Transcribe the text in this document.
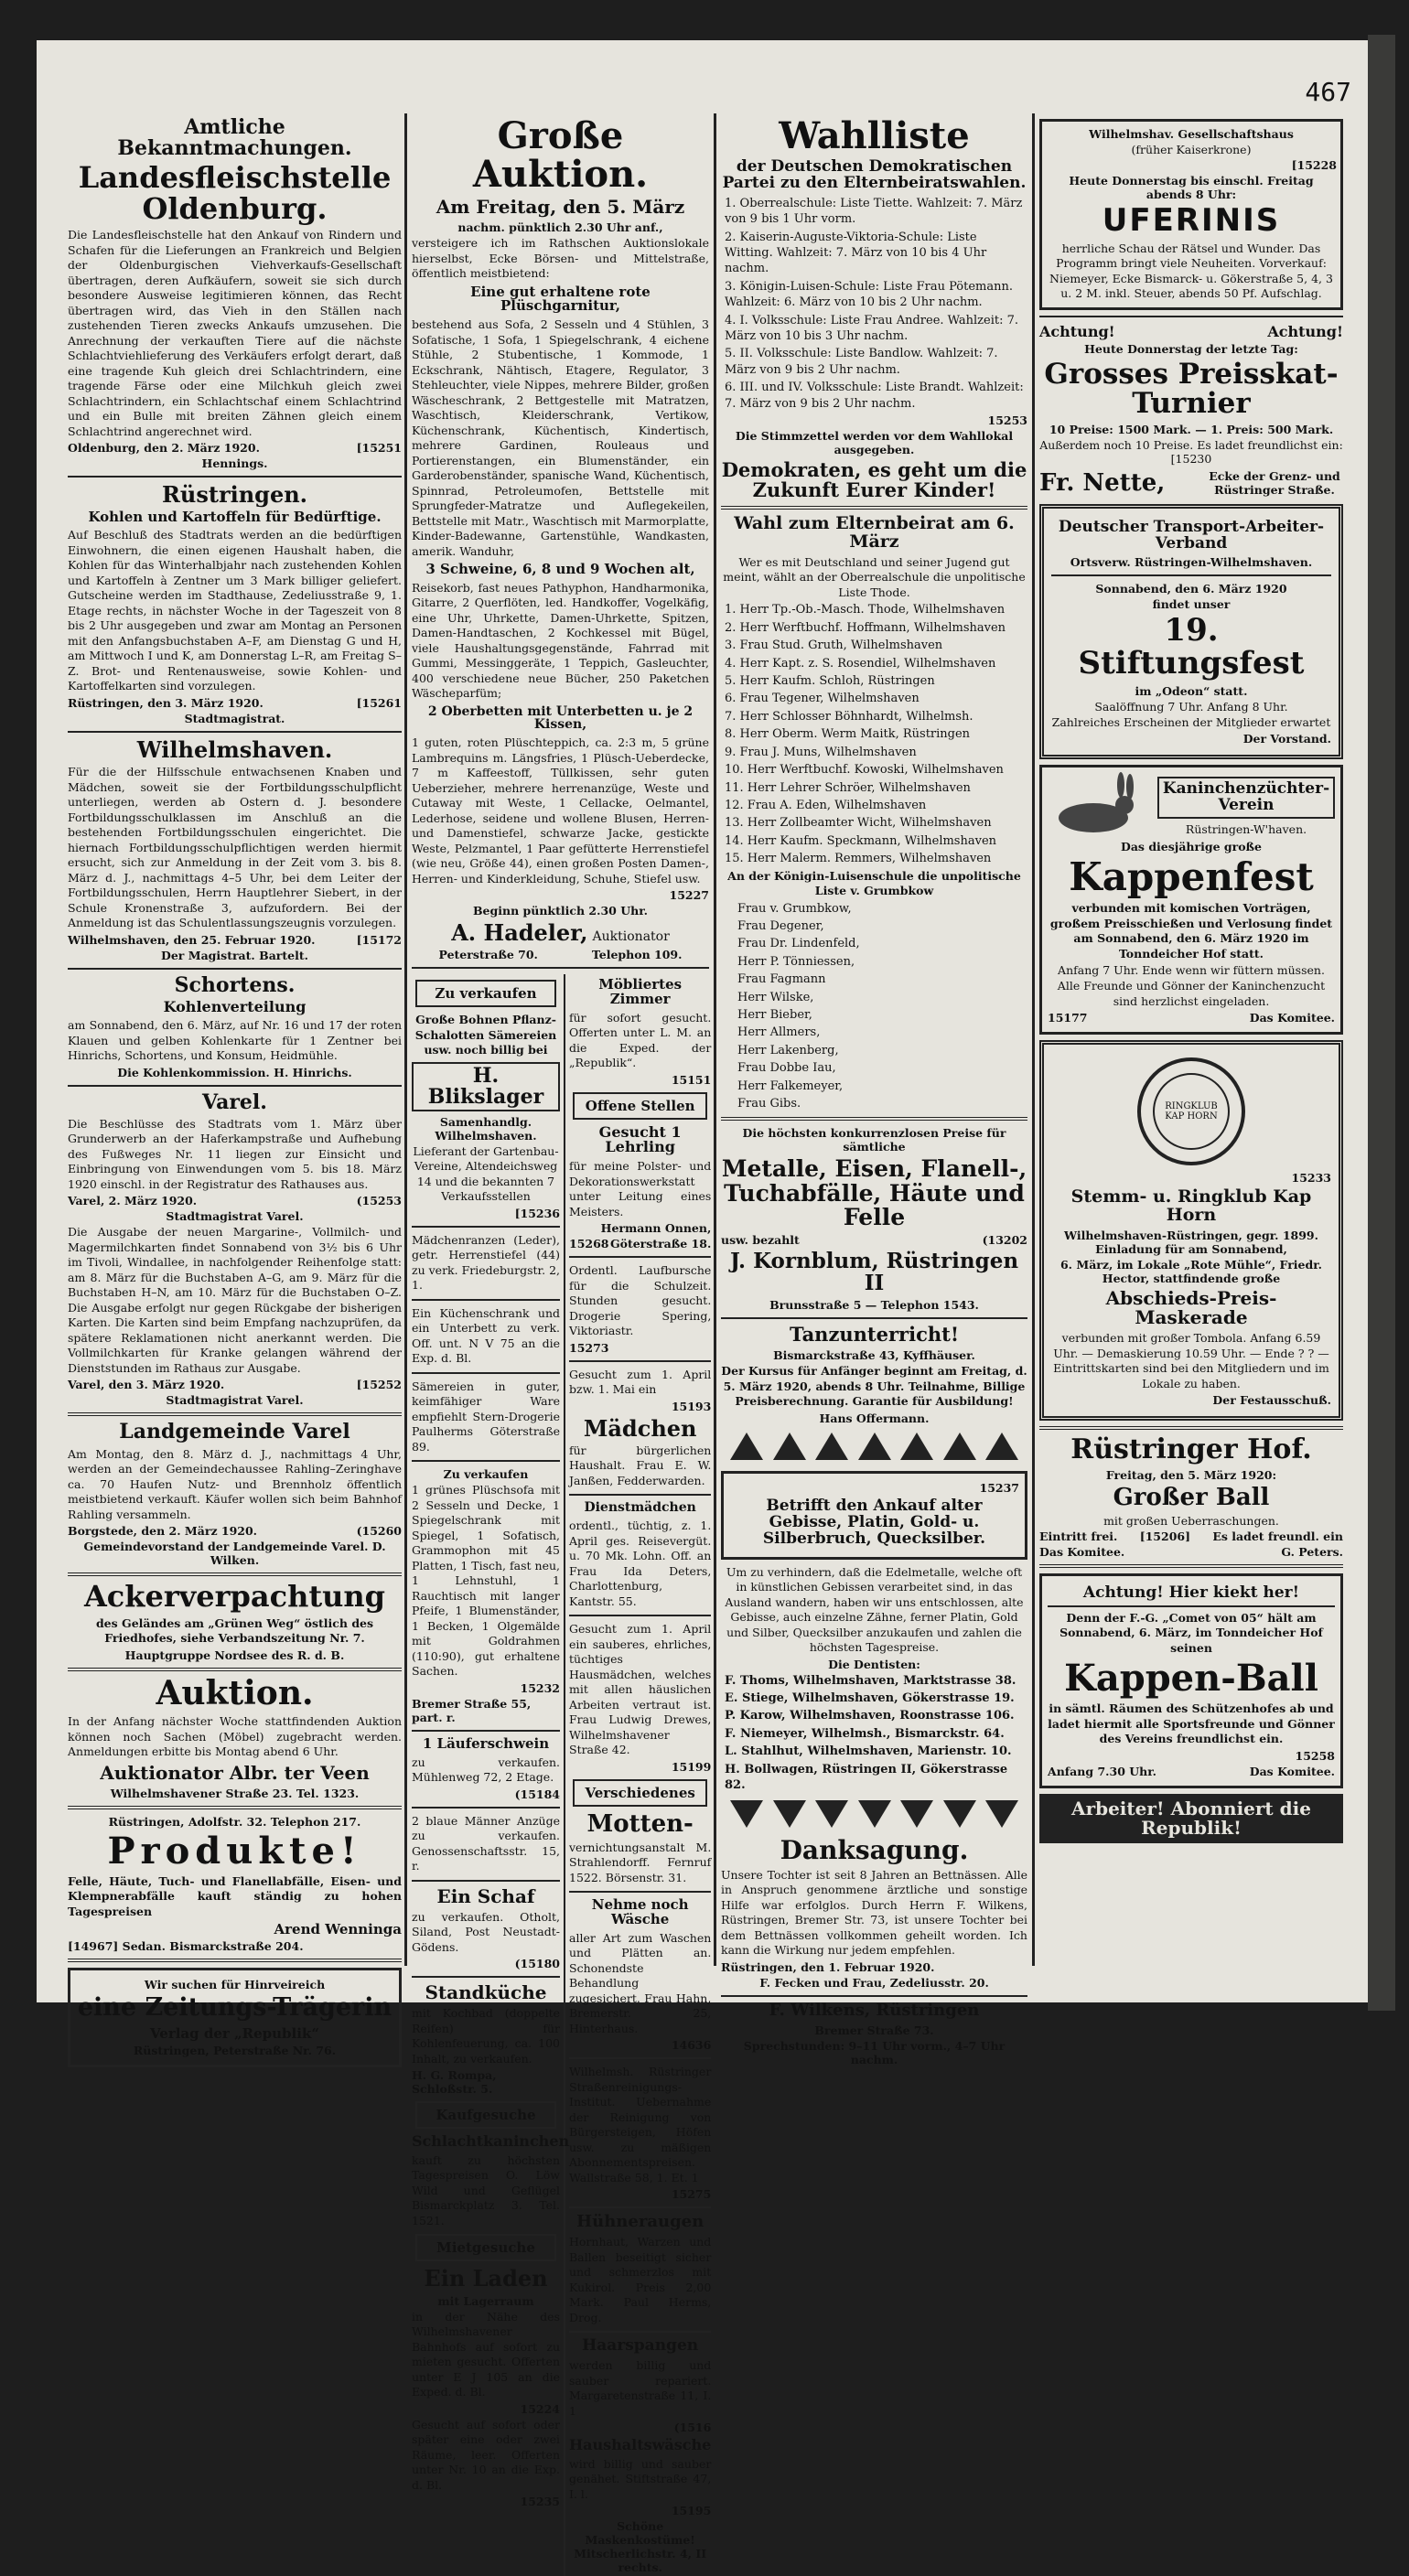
467
Amtliche Bekanntmachungen.
Landesfleischstelle Oldenburg.

Die Landesfleischstelle hat den Ankauf von Rindern und Schafen für die Lieferungen an Frankreich und Belgien der Oldenburgischen Viehverkaufs-Gesellschaft übertragen, deren Aufkäufern, soweit sie sich durch besondere Ausweise legitimieren können, das Recht übertragen wird, das Vieh in den Ställen nach zustehenden Tieren zwecks Ankaufs umzusehen. Die Anrechnung der verkauften Tiere auf die nächste Schlachtviehlieferung des Verkäufers erfolgt derart, daß eine tragende Kuh gleich drei Schlachtrindern, eine tragende Färse oder eine Milchkuh gleich zwei Schlachtrindern, ein Schlachtschaf einem Schlachtrind und ein Bulle mit breiten Zähnen gleich einem Schlachtrind angerechnet wird.

Oldenburg, den 2. März 1920.	[15251
Hennings.
Rüstringen.
Kohlen und Kartoffeln für Bedürftige.

Auf Beschluß des Stadtrats werden an die bedürftigen Einwohnern, die einen eigenen Haushalt haben, die Kohlen für das Winterhalbjahr nach zustehenden Kohlen und Kartoffeln à Zentner um 3 Mark billiger geliefert. Gutscheine werden im Stadthause, Zedeliusstraße 9, 1. Etage rechts, in nächster Woche in der Tageszeit von 8 bis 2 Uhr ausgegeben und zwar am Montag an Personen mit den Anfangsbuchstaben A–F, am Dienstag G und H, am Mittwoch I und K, am Donnerstag L–R, am Freitag S–Z. Brot- und Rentenausweise, sowie Kohlen- und Kartoffelkarten sind vorzulegen.

Rüstringen, den 3. März 1920.	[15261
Stadtmagistrat.
Wilhelmshaven.

Für die der Hilfsschule entwachsenen Knaben und Mädchen, soweit sie der Fortbildungsschulpflicht unterliegen, werden ab Ostern d. J. besondere Fortbildungsschulklassen im Anschluß an die bestehenden Fortbildungsschulen eingerichtet. Die hiernach Fortbildungsschulpflichtigen werden hiermit ersucht, sich zur Anmeldung in der Zeit vom 3. bis 8. März d. J., nachmittags 4–5 Uhr, bei dem Leiter der Fortbildungsschulen, Herrn Hauptlehrer Siebert, in der Schule Kronenstraße 3, aufzufordern. Bei der Anmeldung ist das Schulentlassungszeugnis vorzulegen.

Wilhelmshaven, den 25. Februar 1920.	[15172
Der Magistrat. Bartelt.
Schortens.
Kohlenverteilung

am Sonnabend, den 6. März, auf Nr. 16 und 17 der roten Klauen und gelben Kohlenkarte für 1 Zentner bei Hinrichs, Schortens, und Konsum, Heidmühle.

Die Kohlenkommission. H. Hinrichs.
Varel.

Die Beschlüsse des Stadtrats vom 1. März über Grunderwerb an der Haferkampstraße und Aufhebung des Fußweges Nr. 11 liegen zur Einsicht und Einbringung von Einwendungen vom 5. bis 18. März 1920 einschl. in der Registratur des Rathauses aus.

Varel, 2. März 1920.	(15253
Stadtmagistrat Varel.

Die Ausgabe der neuen Margarine-, Vollmilch- und Magermilchkarten findet Sonnabend von 3½ bis 6 Uhr im Tivoli, Windallee, in nachfolgender Reihenfolge statt: am 8. März für die Buchstaben A–G, am 9. März für die Buchstaben H–N, am 10. März für die Buchstaben O–Z. Die Ausgabe erfolgt nur gegen Rückgabe der bisherigen Karten. Die Karten sind beim Empfang nachzuprüfen, da spätere Reklamationen nicht anerkannt werden. Die Vollmilchkarten für Kranke gelangen während der Dienststunden im Rathaus zur Ausgabe.

Varel, den 3. März 1920.	[15252
Stadtmagistrat Varel.
Landgemeinde Varel

Am Montag, den 8. März d. J., nachmittags 4 Uhr, werden an der Gemeindechaussee Rahling–Zeringhave ca. 70 Haufen Nutz- und Brennholz öffentlich meistbietend verkauft. Käufer wollen sich beim Bahnhof Rahling versammeln.

Borgstede, den 2. März 1920.	(15260
Gemeindevorstand der Landgemeinde Varel. D. Wilken.
Ackerverpachtung

des Geländes am „Grünen Weg“ östlich des Friedhofes, siehe Verbandszeitung Nr. 7.

Hauptgruppe Nordsee des R. d. B.
Auktion.

In der Anfang nächster Woche stattfindenden Auktion können noch Sachen (Möbel) zugebracht werden. Anmeldungen erbitte bis Montag abend 6 Uhr.

Auktionator Albr. ter Veen
Wilhelmshavener Straße 23. Tel. 1323.
Rüstringen, Adolfstr. 32. Telephon 217.
Produkte!

Felle, Häute, Tuch- und Flanellabfälle, Eisen- und Klempnerabfälle kauft ständig zu hohen Tagespreisen

Arend Wenninga
[14967] Sedan. Bismarckstraße 204.
Wir suchen für Hinrveireich
eine Zeitungs-Trägerin
Verlag der „Republik“
Rüstringen, Peterstraße Nr. 76.
Große Auktion.
Am Freitag, den 5. März
nachm. pünktlich 2.30 Uhr anf.,

versteigere ich im Rathschen Auktionslokale hierselbst, Ecke Börsen- und Mittelstraße, öffentlich meistbietend:

Eine gut erhaltene rote Plüschgarnitur,

bestehend aus Sofa, 2 Sesseln und 4 Stühlen, 3 Sofatische, 1 Sofa, 1 Spiegelschrank, 4 eichene Stühle, 2 Stubentische, 1 Kommode, 1 Eckschrank, Nähtisch, Etagere, Regulator, 3 Stehleuchter, viele Nippes, mehrere Bilder, großen Wäscheschrank, 2 Bettgestelle mit Matratzen, Waschtisch, Kleiderschrank, Vertikow, Küchenschrank, Küchentisch, Kindertisch, mehrere Gardinen, Rouleaus und Portierenstangen, ein Blumenständer, ein Garderobenständer, spanische Wand, Küchentisch, Spinnrad, Petroleumofen, Bettstelle mit Sprungfeder-Matratze und Auflegekeilen, Bettstelle mit Matr., Waschtisch mit Marmorplatte, Kinder-Badewanne, Gartenstühle, Wandkasten, amerik. Wanduhr,

3 Schweine, 6, 8 und 9 Wochen alt,

Reisekorb, fast neues Pathyphon, Handharmonika, Gitarre, 2 Querflöten, led. Handkoffer, Vogelkäfig, eine Uhr, Uhrkette, Damen-Uhrkette, Spitzen, Damen-Handtaschen, 2 Kochkessel mit Bügel, viele Haushaltungsgegenstände, Fahrrad mit Gummi, Messinggeräte, 1 Teppich, Gasleuchter, 400 verschiedene neue Bücher, 250 Paketchen Wäscheparfüm;

2 Oberbetten mit Unterbetten u. je 2 Kissen,

1 guten, roten Plüschteppich, ca. 2:3 m, 5 grüne Lambrequins m. Längsfries, 1 Plüsch-Ueberdecke, 7 m Kaffeestoff, Tüllkissen, sehr guten Ueberzieher, mehrere herrenanzüge, Weste und Cutaway mit Weste, 1 Cellacke, Oelmantel, Lederhose, seidene und wollene Blusen, Herren- und Damenstiefel, schwarze Jacke, gestickte Weste, Pelzmantel, 1 Paar gefütterte Herrenstiefel (wie neu, Größe 44), einen großen Posten Damen-, Herren- und Kinderkleidung, Schuhe, Stiefel usw.

15227
Beginn pünktlich 2.30 Uhr.
A. Hadeler, Auktionator
Peterstraße 70.	Telephon 109.
Zu verkaufen

Große Bohnen Pflanz-Schalotten Sämereien usw. noch billig bei

H. Blikslager
Samenhandlg. Wilhelmshaven.

Lieferant der Gartenbau-Vereine, Altendeichsweg 14 und die bekannten 7 Verkaufsstellen

[15236

Mädchenranzen (Leder), getr. Herrenstiefel (44) zu verk. Friedeburgstr. 2, 1.

Ein Küchenschrank und ein Unterbett zu verk. Off. unt. N V 75 an die Exp. d. Bl.

Sämereien in guter, keimfähiger Ware empfiehlt Stern-Drogerie Paulherms Göterstraße 89.

Zu verkaufen

1 grünes Plüschsofa mit 2 Sesseln und Decke, 1 Spiegelschrank mit Spiegel, 1 Sofatisch, Grammophon mit 45 Platten, 1 Tisch, fast neu, 1 Lehnstuhl, 1 Rauchtisch mit langer Pfeife, 1 Blumenständer, 1 Becken, 1 Olgemälde mit Goldrahmen (110:90), gut erhaltene Sachen.

15232
Bremer Straße 55, part. r.
1 Läuferschwein

zu verkaufen. Mühlenweg 72, 2 Etage.

(15184

2 blaue Männer Anzüge zu verkaufen. Genossenschaftsstr. 15, r.

Ein Schaf

zu verkaufen. Otholt, Siland, Post Neustadt-Gödens.

(15180
Standküche

mit Kochbad (doppelte Reifen) für Kohlenfeuerung, ca. 100 Inhalt, zu verkaufen.

H. G. Rompa, Schloßstr. 5.
Kaufgesuche
Schlachtkaninchen

kauft zu höchsten Tagespreisen O. Löw Wild und Geflügel Bismarckplatz 3. Tel. 1521.

Mietgesuche
Ein Laden
mit Lagerraum

in der Nähe des Wilhelmshavener Bahnhofs auf sofort zu mieten gesucht. Offerten unter E J 105 an die Exped. d. Bl.

15224

Gesucht auf sofort oder später eine oder zwei Räume, leer. Offerten unter Nr. 10 an die Exp. d. Bl.

15235
Möbliertes Zimmer

für sofort gesucht. Offerten unter L. M. an die Exped. der „Republik“.

15151
Offene Stellen
Gesucht 1 Lehrling

für meine Polster- und Dekorationswerkstatt unter Leitung eines Meisters.

Hermann Onnen,
15268 Göterstraße 18.

Ordentl. Laufbursche für die Schulzeit. Stunden gesucht. Drogerie Spering, Viktoriastr.

15273

Gesucht zum 1. April bzw. 1. Mai ein

15193
Mädchen

für bürgerlichen Haushalt. Frau E. W. Janßen, Fedderwarden.

Dienstmädchen

ordentl., tüchtig, z. 1. April ges. Reisevergüt. u. 70 Mk. Lohn. Off. an Frau Ida Deters, Charlottenburg, Kantstr. 55.

Gesucht zum 1. April ein sauberes, ehrliches, tüchtiges Hausmädchen, welches mit allen häuslichen Arbeiten vertraut ist. Frau Ludwig Drewes, Wilhelmshavener Straße 42.

15199
Verschiedenes
Motten-

vernichtungsanstalt M. Strahlendorff. Fernruf 1522. Börsenstr. 31.

Nehme noch Wäsche

aller Art zum Waschen und Plätten an. Schonendste Behandlung zugesichert. Frau Hahn, Bremerstr. 25, Hinterhaus.

14636

Wilhelmsh. Rüstringer Straßenreinigungs-Institut. Uebernahme der Reinigung von Bürgersteigen, Höfen usw. zu mäßigen Abonnementspreisen. Wallstraße 58, 1. Et. 1

15275
Hühneraugen

Hornhaut, Warzen und Ballen beseitigt sicher und schmerzlos mit Kukirol. Preis 2,00 Mark. Paul Herms, Drog.

Haarspangen

werden billig und sauber repariert. Margaretenstraße 11, I. 1

(1516
Haushaltswäsche

wird billig und sauber genähet. Stiftstraße 47, I. l.

15195
Schöne Maskenkostüme! Mitscherlichstr. 4, II rechts.
Wahlliste
der Deutschen Demokratischen Partei zu den Elternbeiratswahlen.
1. Oberrealschule: Liste Tiette. Wahlzeit: 7. März von 9 bis 1 Uhr vorm.
2. Kaiserin-Auguste-Viktoria-Schule: Liste Witting. Wahlzeit: 7. März von 10 bis 4 Uhr nachm.
3. Königin-Luisen-Schule: Liste Frau Pötemann. Wahlzeit: 6. März von 10 bis 2 Uhr nachm.
4. I. Volksschule: Liste Frau Andree. Wahlzeit: 7. März von 10 bis 3 Uhr nachm.
5. II. Volksschule: Liste Bandlow. Wahlzeit: 7. März von 9 bis 2 Uhr nachm.
6. III. und IV. Volksschule: Liste Brandt. Wahlzeit: 7. März von 9 bis 2 Uhr nachm.
15253
Die Stimmzettel werden vor dem Wahllokal ausgegeben.
Demokraten, es geht um die Zukunft Eurer Kinder!
Wahl zum Elternbeirat am 6. März

Wer es mit Deutschland und seiner Jugend gut meint, wählt an der Oberrealschule die unpolitische Liste Thode.

1. Herr Tp.-Ob.-Masch. Thode, Wilhelmshaven
2. Herr Werftbuchf. Hoffmann, Wilhelmshaven
3. Frau Stud. Gruth, Wilhelmshaven
4. Herr Kapt. z. S. Rosendiel, Wilhelmshaven
5. Herr Kaufm. Schloh, Rüstringen
6. Frau Tegener, Wilhelmshaven
7. Herr Schlosser Böhnhardt, Wilhelmsh.
8. Herr Oberm. Werm Maitk, Rüstringen
9. Frau J. Muns, Wilhelmshaven
10. Herr Werftbuchf. Kowoski, Wilhelmshaven
11. Herr Lehrer Schröer, Wilhelmshaven
12. Frau A. Eden, Wilhelmshaven
13. Herr Zollbeamter Wicht, Wilhelmshaven
14. Herr Kaufm. Speckmann, Wilhelmshaven
15. Herr Malerm. Remmers, Wilhelmshaven

An der Königin-Luisenschule die unpolitische Liste v. Grumbkow

Frau v. Grumbkow,
Frau Degener,
Frau Dr. Lindenfeld,
Herr P. Tönniessen,
Frau Fagmann
Herr Wilske,
Herr Bieber,
Herr Allmers,
Herr Lakenberg,
Frau Dobbe Iau,
Herr Falkemeyer,
Frau Gibs.
Die höchsten konkurrenzlosen Preise für sämtliche
Metalle, Eisen, Flanell-, Tuchabfälle, Häute und Felle
usw. bezahlt	(13202
J. Kornblum, Rüstringen II
Brunsstraße 5 — Telephon 1543.
Tanzunterricht!
Bismarckstraße 43, Kyffhäuser.

Der Kursus für Anfänger beginnt am Freitag, d. 5. März 1920, abends 8 Uhr. Teilnahme, Billige Preisberechnung. Garantie für Ausbildung!

Hans Offermann.
15237
Betrifft den Ankauf alter Gebisse, Platin, Gold- u. Silberbruch, Quecksilber.

Um zu verhindern, daß die Edelmetalle, welche oft in künstlichen Gebissen verarbeitet sind, in das Ausland wandern, haben wir uns entschlossen, alte Gebisse, auch einzelne Zähne, ferner Platin, Gold und Silber, Quecksilber anzukaufen und zahlen die höchsten Tagespreise.

Die Dentisten:
F. Thoms, Wilhelmshaven, Marktstrasse 38.
E. Stiege, Wilhelmshaven, Gökerstrasse 19.
P. Karow, Wilhelmshaven, Roonstrasse 106.
F. Niemeyer, Wilhelmsh., Bismarckstr. 64.
L. Stahlhut, Wilhelmshaven, Marienstr. 10.
H. Bollwagen, Rüstringen II, Gökerstrasse 82.
Danksagung.

Unsere Tochter ist seit 8 Jahren an Bettnässen. Alle in Anspruch genommene ärztliche und sonstige Hilfe war erfolglos. Durch Herrn F. Wilkens, Rüstringen, Bremer Str. 73, ist unsere Tochter bei dem Bettnässen vollkommen geheilt worden. Ich kann die Wirkung nur jedem empfehlen.

Rüstringen, den 1. Februar 1920.
F. Fecken und Frau, Zedeliusstr. 20.
F. Wilkens, Rüstringen
Bremer Straße 73.
Sprechstunden: 9–11 Uhr vorm., 4–7 Uhr nachm.
Wilhelmshav. Gesellschaftshaus
(früher Kaiserkrone)
[15228
Heute Donnerstag bis einschl. Freitag abends 8 Uhr:
UFERINIS

herrliche Schau der Rätsel und Wunder. Das Programm bringt viele Neuheiten. Vorverkauf: Niemeyer, Ecke Bismarck- u. Gökerstraße 5, 4, 3 u. 2 M. inkl. Steuer, abends 50 Pf. Aufschlag.

Achtung!	Achtung!
Heute Donnerstag der letzte Tag:
Grosses Preisskat-Turnier
10 Preise: 1500 Mark. — 1. Preis: 500 Mark.
Außerdem noch 10 Preise. Es ladet freundlichst ein: [15230
Fr. Nette,	Ecke der Grenz- und Rüstringer Straße.
Deutscher Transport-Arbeiter-Verband
Ortsverw. Rüstringen-Wilhelmshaven.
Sonnabend, den 6. März 1920
findet unser
19. Stiftungsfest
im „Odeon“ statt.
Saalöffnung 7 Uhr. Anfang 8 Uhr.

Zahlreiches Erscheinen der Mitglieder erwartet

Der Vorstand.
Kaninchenzüchter-Verein
Rüstringen-W'haven.
Das diesjährige große
Kappenfest

verbunden mit komischen Vorträgen, großem Preisschießen und Verlosung findet am Sonnabend, den 6. März 1920 im Tonndeicher Hof statt.

Anfang 7 Uhr. Ende wenn wir füttern müssen.

Alle Freunde und Gönner der Kaninchenzucht sind herzlichst eingeladen.

15177	Das Komitee.
RINGKLUB KAP HORN
15233
Stemm- u. Ringklub Kap Horn
Wilhelmshaven-Rüstringen, gegr. 1899. Einladung für am Sonnabend,
6. März, im Lokale „Rote Mühle“, Friedr. Hector, stattfindende große
Abschieds-Preis-Maskerade

verbunden mit großer Tombola. Anfang 6.59 Uhr. — Demaskierung 10.59 Uhr. — Ende ? ? — Eintrittskarten sind bei den Mitgliedern und im Lokale zu haben.

Der Festausschuß.
Rüstringer Hof.
Freitag, den 5. März 1920:
Großer Ball
mit großen Ueberraschungen.
Eintritt frei. [15206] Es ladet freundl. ein
Das Komitee.	G. Peters.
Achtung! Hier kiekt her!

Denn der F.-G. „Comet von 05“ hält am Sonnabend, 6. März, im Tonndeicher Hof seinen

Kappen-Ball

in sämtl. Räumen des Schützenhofes ab und ladet hiermit alle Sportsfreunde und Gönner des Vereins freundlichst ein.

15258
Anfang 7.30 Uhr.	Das Komitee.
Arbeiter! Abonniert die Republik!
